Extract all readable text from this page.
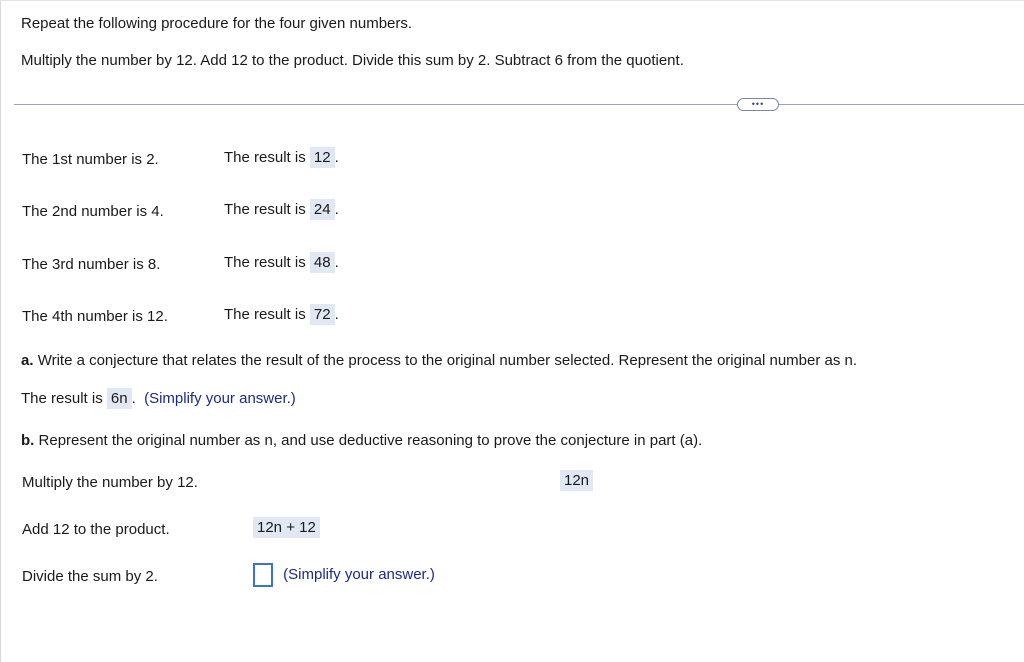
Repeat the following procedure for the four given numbers.
Multiply the number by 12. Add 12 to the product. Divide this sum by 2. Subtract 6 from the quotient.
•••
The 1st number is 2.	The result is 12 .
The 2nd number is 4.	The result is 24 .
The 3rd number is 8.	The result is 48 .
The 4th number is 12.	The result is 72 .
a. Write a conjecture that relates the result of the process to the original number selected. Represent the original number as n.
The result is 6n . (Simplify your answer.)
b. Represent the original number as n, and use deductive reasoning to prove the conjecture in part (a).
Multiply the number by 12.	12n
Add 12 to the product.	12n + 12
Divide the sum by 2.	(Simplify your answer.)
